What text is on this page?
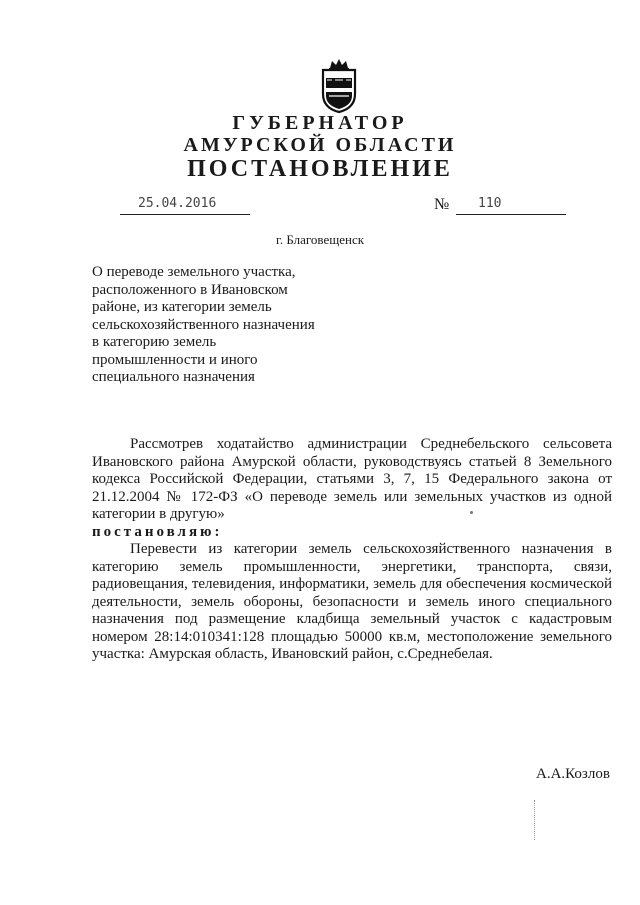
ГУБЕРНАТОР
АМУРСКОЙ ОБЛАСТИ
ПОСТАНОВЛЕНИЕ
25.04.2016	№ 110
г. Благовещенск
О переводе земельного участка, расположенного в Ивановском районе, из категории земель сельскохозяйственного назначения в категорию земель промышленности и иного специального назначения

Рассмотрев ходатайство администрации Среднебельского сельсовета Ивановского района Амурской области, руководствуясь статьей 8 Земельного кодекса Российской Федерации, статьями 3, 7, 15 Федерального закона от 21.12.2004 № 172-ФЗ «О переводе земель или земельных участков из одной категории в другую»

постановляю:

Перевести из категории земель сельскохозяйственного назначения в категорию земель промышленности, энергетики, транспорта, связи, радиовещания, телевидения, информатики, земель для обеспечения космической деятельности, земель обороны, безопасности и земель иного специального назначения под размещение кладбища земельный участок с кадастровым номером 28:14:010341:128 площадью 50000 кв.м, местоположение земельного участка: Амурская область, Ивановский район, с.Среднебелая.

А.А.Козлов
